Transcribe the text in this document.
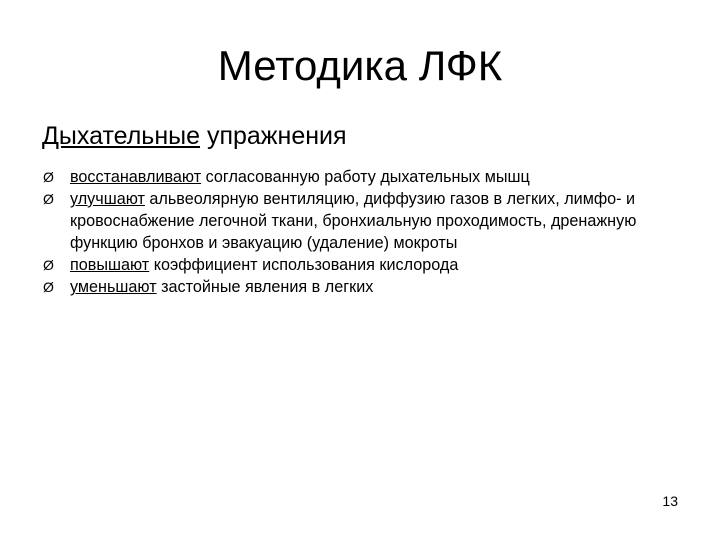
Методика ЛФК
Дыхательные упражнения
Ø восстанавливают согласованную работу дыхательных мышц
Ø улучшают альвеолярную вентиляцию, диффузию газов в легких, лимфо- и кровоснабжение легочной ткани, бронхиальную проходимость, дренажную функцию бронхов и эвакуацию (удаление) мокроты
Ø повышают коэффициент использования кислорода
Ø уменьшают застойные явления в легких
13
